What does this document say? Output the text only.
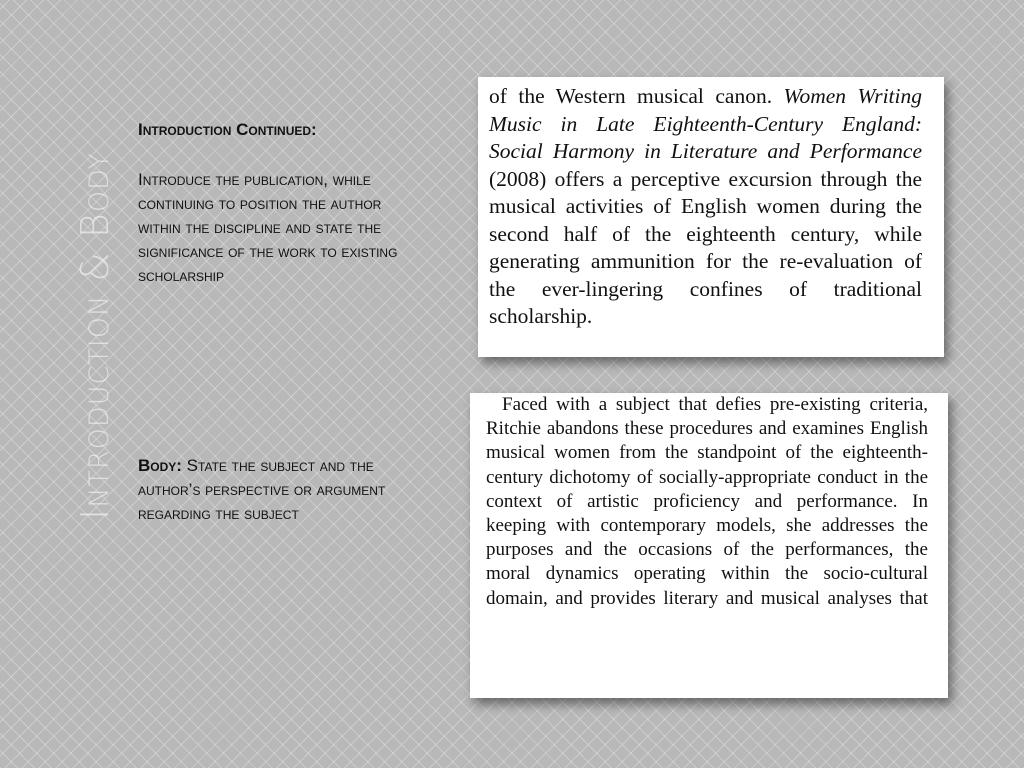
Introduction & Body
Introduction Continued:
Introduce the publication, while continuing to position the author within the discipline and state the significance of the work to existing scholarship
Body: State the subject and the author’s perspective or argument regarding the subject
of the Western musical canon. Women Writing Music in Late Eighteenth-Century England: Social Harmony in Literature and Performance (2008) offers a perceptive excursion through the musical activities of English women during the second half of the eighteenth century, while generating ammunition for the re-evaluation of the ever-lingering confines of traditional scholarship.
Faced with a subject that defies pre-existing criteria, Ritchie abandons these procedures and examines English musical women from the standpoint of the eighteenth-century dichotomy of socially-appropriate conduct in the context of artistic proficiency and performance. In keeping with contemporary models, she addresses the purposes and the occasions of the performances, the moral dynamics operating within the socio-cultural domain, and provides literary and musical analyses that
